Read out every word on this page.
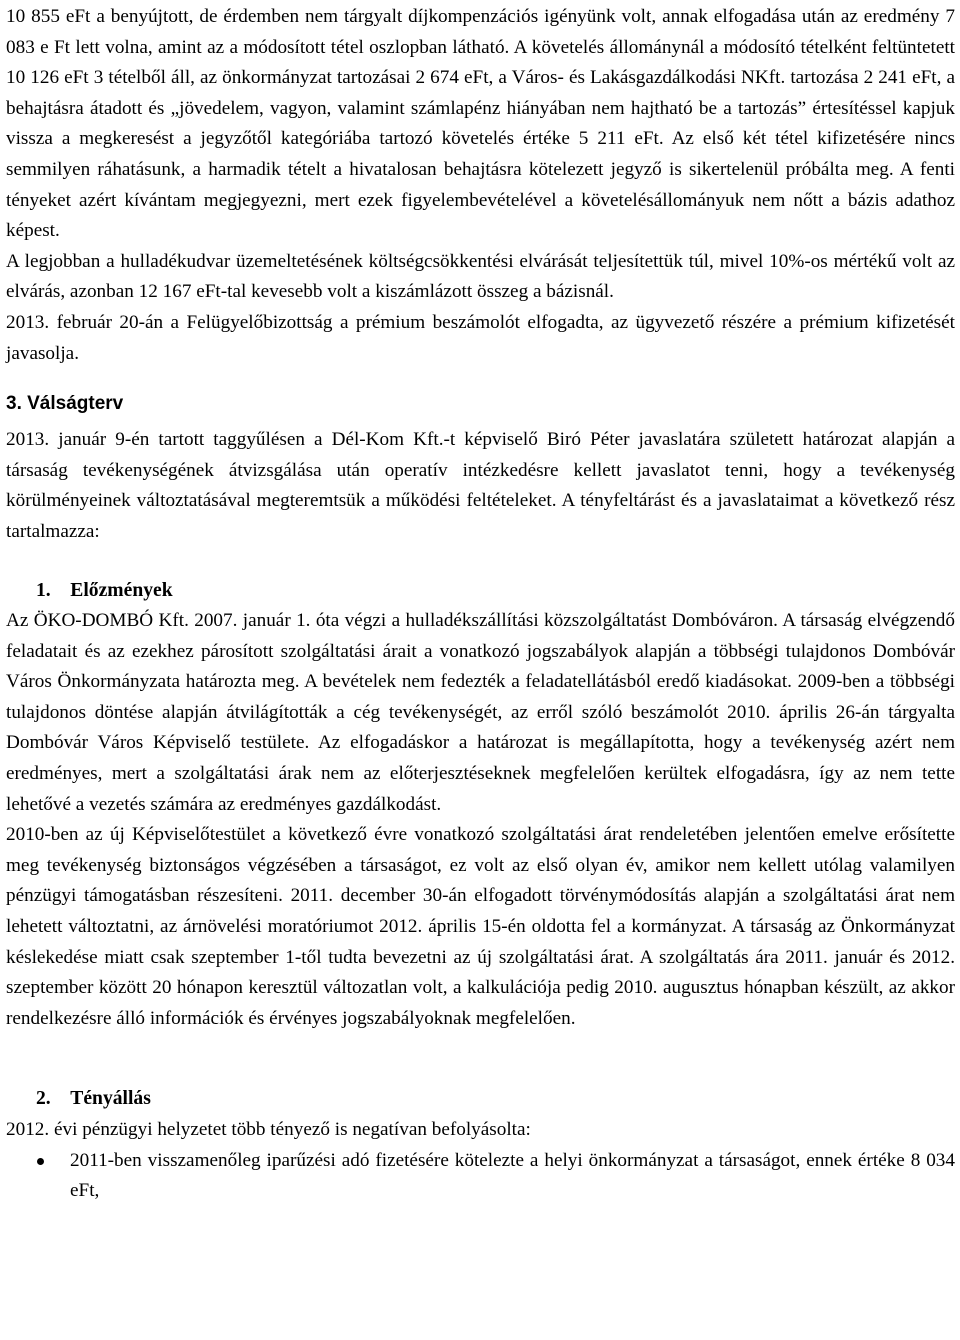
10 855 eFt a benyújtott, de érdemben nem tárgyalt díjkompenzációs igényünk volt, annak elfogadása után az eredmény 7 083 e Ft lett volna, amint az a módosított tétel oszlopban látható. A követelés állománynál a módosító tételként feltüntetett 10 126 eFt 3 tételből áll, az önkormányzat tartozásai 2 674 eFt, a Város- és Lakásgazdálkodási NKft. tartozása 2 241 eFt, a behajtásra átadott és „jövedelem, vagyon, valamint számlapénz hiányában nem hajtható be a tartozás” értesítéssel kapjuk vissza a megkeresést a jegyzőtől kategóriába tartozó követelés értéke 5 211 eFt. Az első két tétel kifizetésére nincs semmilyen ráhatásunk, a harmadik tételt a hivatalosan behajtásra kötelezett jegyző is sikertelenül próbálta meg. A fenti tényeket azért kívántam megjegyezni, mert ezek figyelembevételével a követelésállományuk nem nőtt a bázis adathoz képest.

A legjobban a hulladékudvar üzemeltetésének költségcsökkentési elvárását teljesítettük túl, mivel 10%-os mértékű volt az elvárás, azonban 12 167 eFt-tal kevesebb volt a kiszámlázott összeg a bázisnál.

2013. február 20-án a Felügyelőbizottság a prémium beszámolót elfogadta, az ügyvezető részére a prémium kifizetését javasolja.

3. Válságterv

2013. január 9-én tartott taggyűlésen a Dél-Kom Kft.-t képviselő Biró Péter javaslatára született határozat alapján a társaság tevékenységének átvizsgálása után operatív intézkedésre kellett javaslatot tenni, hogy a tevékenység körülményeinek változtatásával megteremtsük a működési feltételeket. A tényfeltárást és a javaslataimat a következő rész tartalmazza:

1. Előzmények

Az ÖKO-DOMBÓ Kft. 2007. január 1. óta végzi a hulladékszállítási közszolgáltatást Dombóváron. A társaság elvégzendő feladatait és az ezekhez párosított szolgáltatási árait a vonatkozó jogszabályok alapján a többségi tulajdonos Dombóvár Város Önkormányzata határozta meg. A bevételek nem fedezték a feladatellátásból eredő kiadásokat. 2009-ben a többségi tulajdonos döntése alapján átvilágították a cég tevékenységét, az erről szóló beszámolót 2010. április 26-án tárgyalta Dombóvár Város Képviselő testülete. Az elfogadáskor a határozat is megállapította, hogy a tevékenység azért nem eredményes, mert a szolgáltatási árak nem az előterjesztéseknek megfelelően kerültek elfogadásra, így az nem tette lehetővé a vezetés számára az eredményes gazdálkodást.

2010-ben az új Képviselőtestület a következő évre vonatkozó szolgáltatási árat rendeletében jelentően emelve erősítette meg tevékenység biztonságos végzésében a társaságot, ez volt az első olyan év, amikor nem kellett utólag valamilyen pénzügyi támogatásban részesíteni. 2011. december 30-án elfogadott törvénymódosítás alapján a szolgáltatási árat nem lehetett változtatni, az árnövelési moratóriumot 2012. április 15-én oldotta fel a kormányzat. A társaság az Önkormányzat késlekedése miatt csak szeptember 1-től tudta bevezetni az új szolgáltatási árat. A szolgáltatás ára 2011. január és 2012. szeptember között 20 hónapon keresztül változatlan volt, a kalkulációja pedig 2010. augusztus hónapban készült, az akkor rendelkezésre álló információk és érvényes jogszabályoknak megfelelően.

2. Tényállás

2012. évi pénzügyi helyzetet több tényező is negatívan befolyásolta:

2011-ben visszamenőleg iparűzési adó fizetésére kötelezte a helyi önkormányzat a társaságot, ennek értéke 8 034 eFt,
